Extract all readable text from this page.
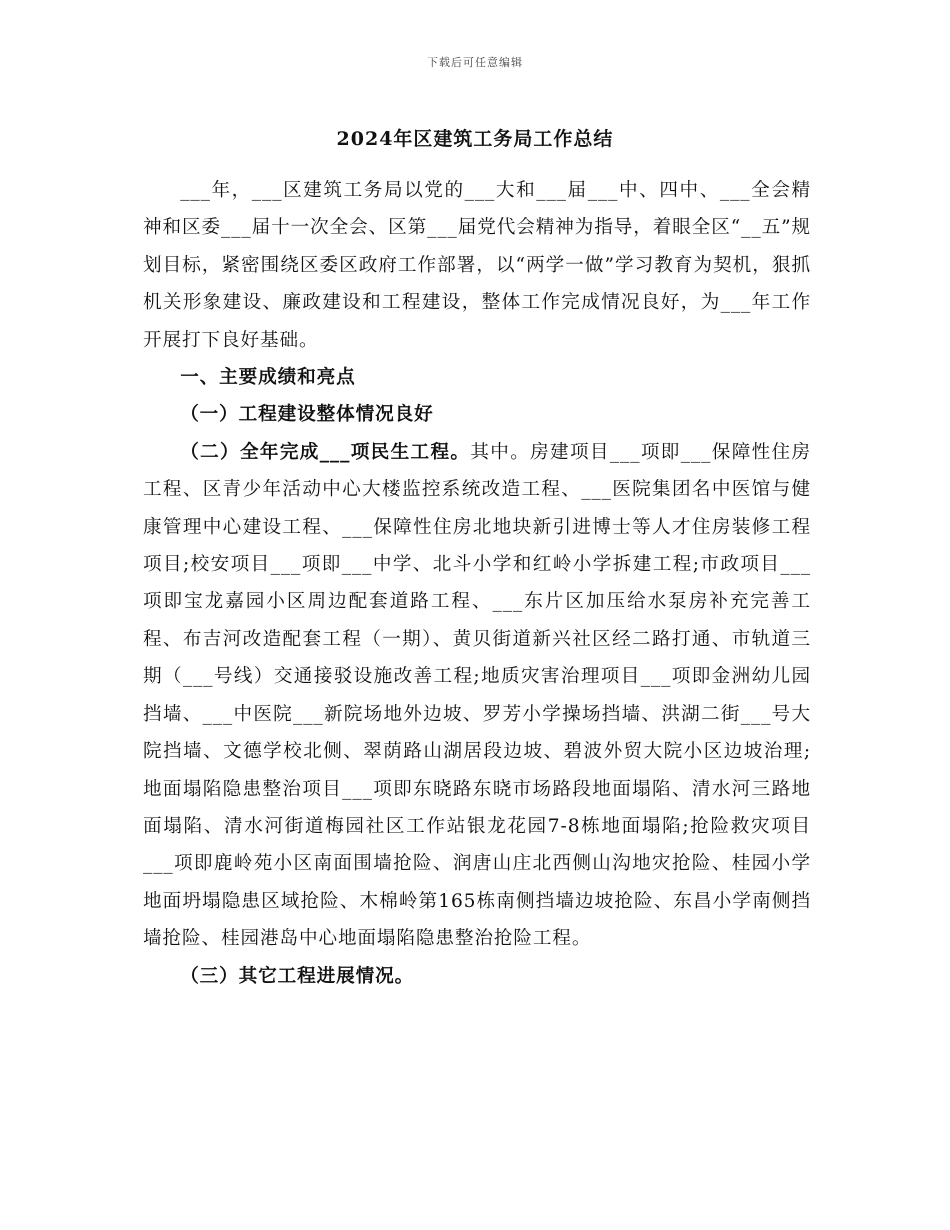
下载后可任意编辑
2024年区建筑工务局工作总结

___年，___区建筑工务局以党的___大和___届___中、四中、___全会精神和区委___届十一次全会、区第___届党代会精神为指导，着眼全区“__五”规划目标，紧密围绕区委区政府工作部署，以“两学一做”学习教育为契机，狠抓机关形象建设、廉政建设和工程建设，整体工作完成情况良好，为___年工作开展打下良好基础。

一、主要成绩和亮点
（一）工程建设整体情况良好

（二）全年完成___项民生工程。其中。房建项目___项即___保障性住房工程、区青少年活动中心大楼监控系统改造工程、___医院集团名中医馆与健康管理中心建设工程、___保障性住房北地块新引进博士等人才住房装修工程项目;校安项目___项即___中学、北斗小学和红岭小学拆建工程;市政项目___项即宝龙嘉园小区周边配套道路工程、___东片区加压给水泵房补充完善工程、布吉河改造配套工程（一期）、黄贝街道新兴社区经二路打通、市轨道三期（___号线）交通接驳设施改善工程;地质灾害治理项目___项即金洲幼儿园挡墙、___中医院___新院场地外边坡、罗芳小学操场挡墙、洪湖二街___号大院挡墙、文德学校北侧、翠荫路山湖居段边坡、碧波外贸大院小区边坡治理;地面塌陷隐患整治项目___项即东晓路东晓市场路段地面塌陷、清水河三路地面塌陷、清水河街道梅园社区工作站银龙花园7-8栋地面塌陷;抢险救灾项目___项即鹿岭苑小区南面围墙抢险、润唐山庄北西侧山沟地灾抢险、桂园小学地面坍塌隐患区域抢险、木棉岭第165栋南侧挡墙边坡抢险、东昌小学南侧挡墙抢险、桂园港岛中心地面塌陷隐患整治抢险工程。

（三）其它工程进展情况。
